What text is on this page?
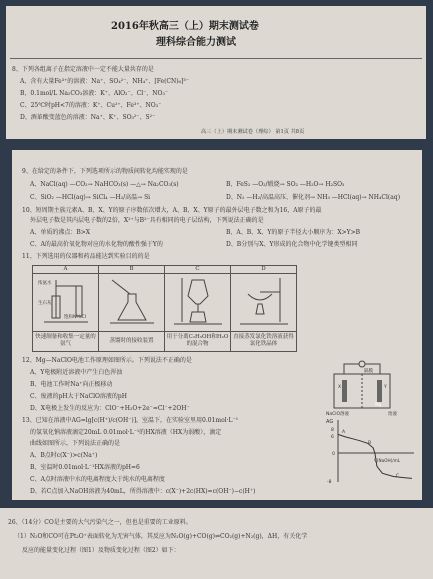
2016年秋高三（上）期末测试卷
理科综合能力测试
8、下列各组离子在指定溶液中一定不能大量共存的是
A、含有大量Fe³⁺的溶液：Na⁺、SO₄²⁻、NH₄⁺、[Fe(CN)₆]³⁻
B、0.1mol/L Na₂CO₃溶液：K⁺、AlO₂⁻、Cl⁻、NO₃⁻
C、25℃时pH<7的溶液：K⁺、Cu²⁺、Fe³⁺、NO₃⁻
D、酒革酸变蓝色的溶液：Na⁺、K⁺、SO₃²⁻、S²⁻
高三（上）期末测试卷（理综） 第1页 共8页
9、在给定的条件下，下列选项所示的物质间转化均能实现的是
A、NaCl(aq) —CO₂→ NaHCO₃(s) —△→ Na₂CO₃(s)	B、FeS₂ —O₂/煅烧→ SO₂ —H₂O→ H₂SO₃
C、SiO₂ —HCl(aq)→ SiCl₄ —H₂/高温→ Si	D、N₂ —H₂/高温高压、催化剂→ NH₃ —HCl(aq)→ NH₄Cl(aq)
10、短周期主族元素A、B、X、Y的原子序数依次增大，A、B、X、Y原子的最外层电子数之和为16，A原子的最
外层电子数是其内层电子数的2倍，X²⁺与B²⁻具有相同的电子层结构，下列说法正确的是
A、单质的沸点：B>X	B、A、B、X、Y的原子半径大小顺序为：X>Y>B
C、A的最高价氧化物对应的水化物的酸性强于Y的	D、B分别与X、Y形成的化合物中化学键类型相同
11、下列选用的仪器和药品能达到实验目的的是
A	B	C	D

浓氨水
生石灰
饱和NH₄Cl

快速制备和收集一定量的氨气	蒸馏时的接收装置	用于分离C₂H₅OH和H₂O的混合物	直接蒸发氯化铁溶液获得氯化铁晶体
12、Mg—NaClO电池工作原理如图所示。下列说法不正确的是
A、Y电极附近溶液中产生白色浑浊
B、电池工作时Na⁺向正极移动
C、废液的pH大于NaClO溶液的pH
D、X电极上发生的反应为：ClO⁻+H₂O+2e⁻=Cl⁻+2OH⁻
隔膜
NaClO溶液
X	Y
Mg
废液
13、已知在溶液中AG=lg[c(H⁺)/c(OH⁻)]，室温下，在实验室里用0.01mol·L⁻¹
的氢氧化钠溶液滴定20mL 0.01mol·L⁻¹的HX溶液（HX为弱酸），滴定
曲线如图所示，下列说法正确的是
A、B点时c(X⁻)>c(Na⁺)
B、室温时0.01mol·L⁻¹HX溶液的pH=6
C、A点时溶液中水的电离程度大于纯水的电离程度
D、若C点加入NaOH溶液为40mL，所得溶液中：c(X⁻)+2c(HX)=c(OH⁻)−c(H⁺)
AG
V(NaOH)/mL
8
6
0
-8
A
B
C
26、（14分）CO是主要的大气污染气之一，但也是重要的工业原料。
（1）N₂O和CO可在Pt₂O⁺表面转化为无害气体，其反应为N₂O(g)+CO(g)⇌CO₂(g)+N₂(g)，ΔH，有关化学
反应的能量变化过程（图1）及物质变化过程（图2）如下：
